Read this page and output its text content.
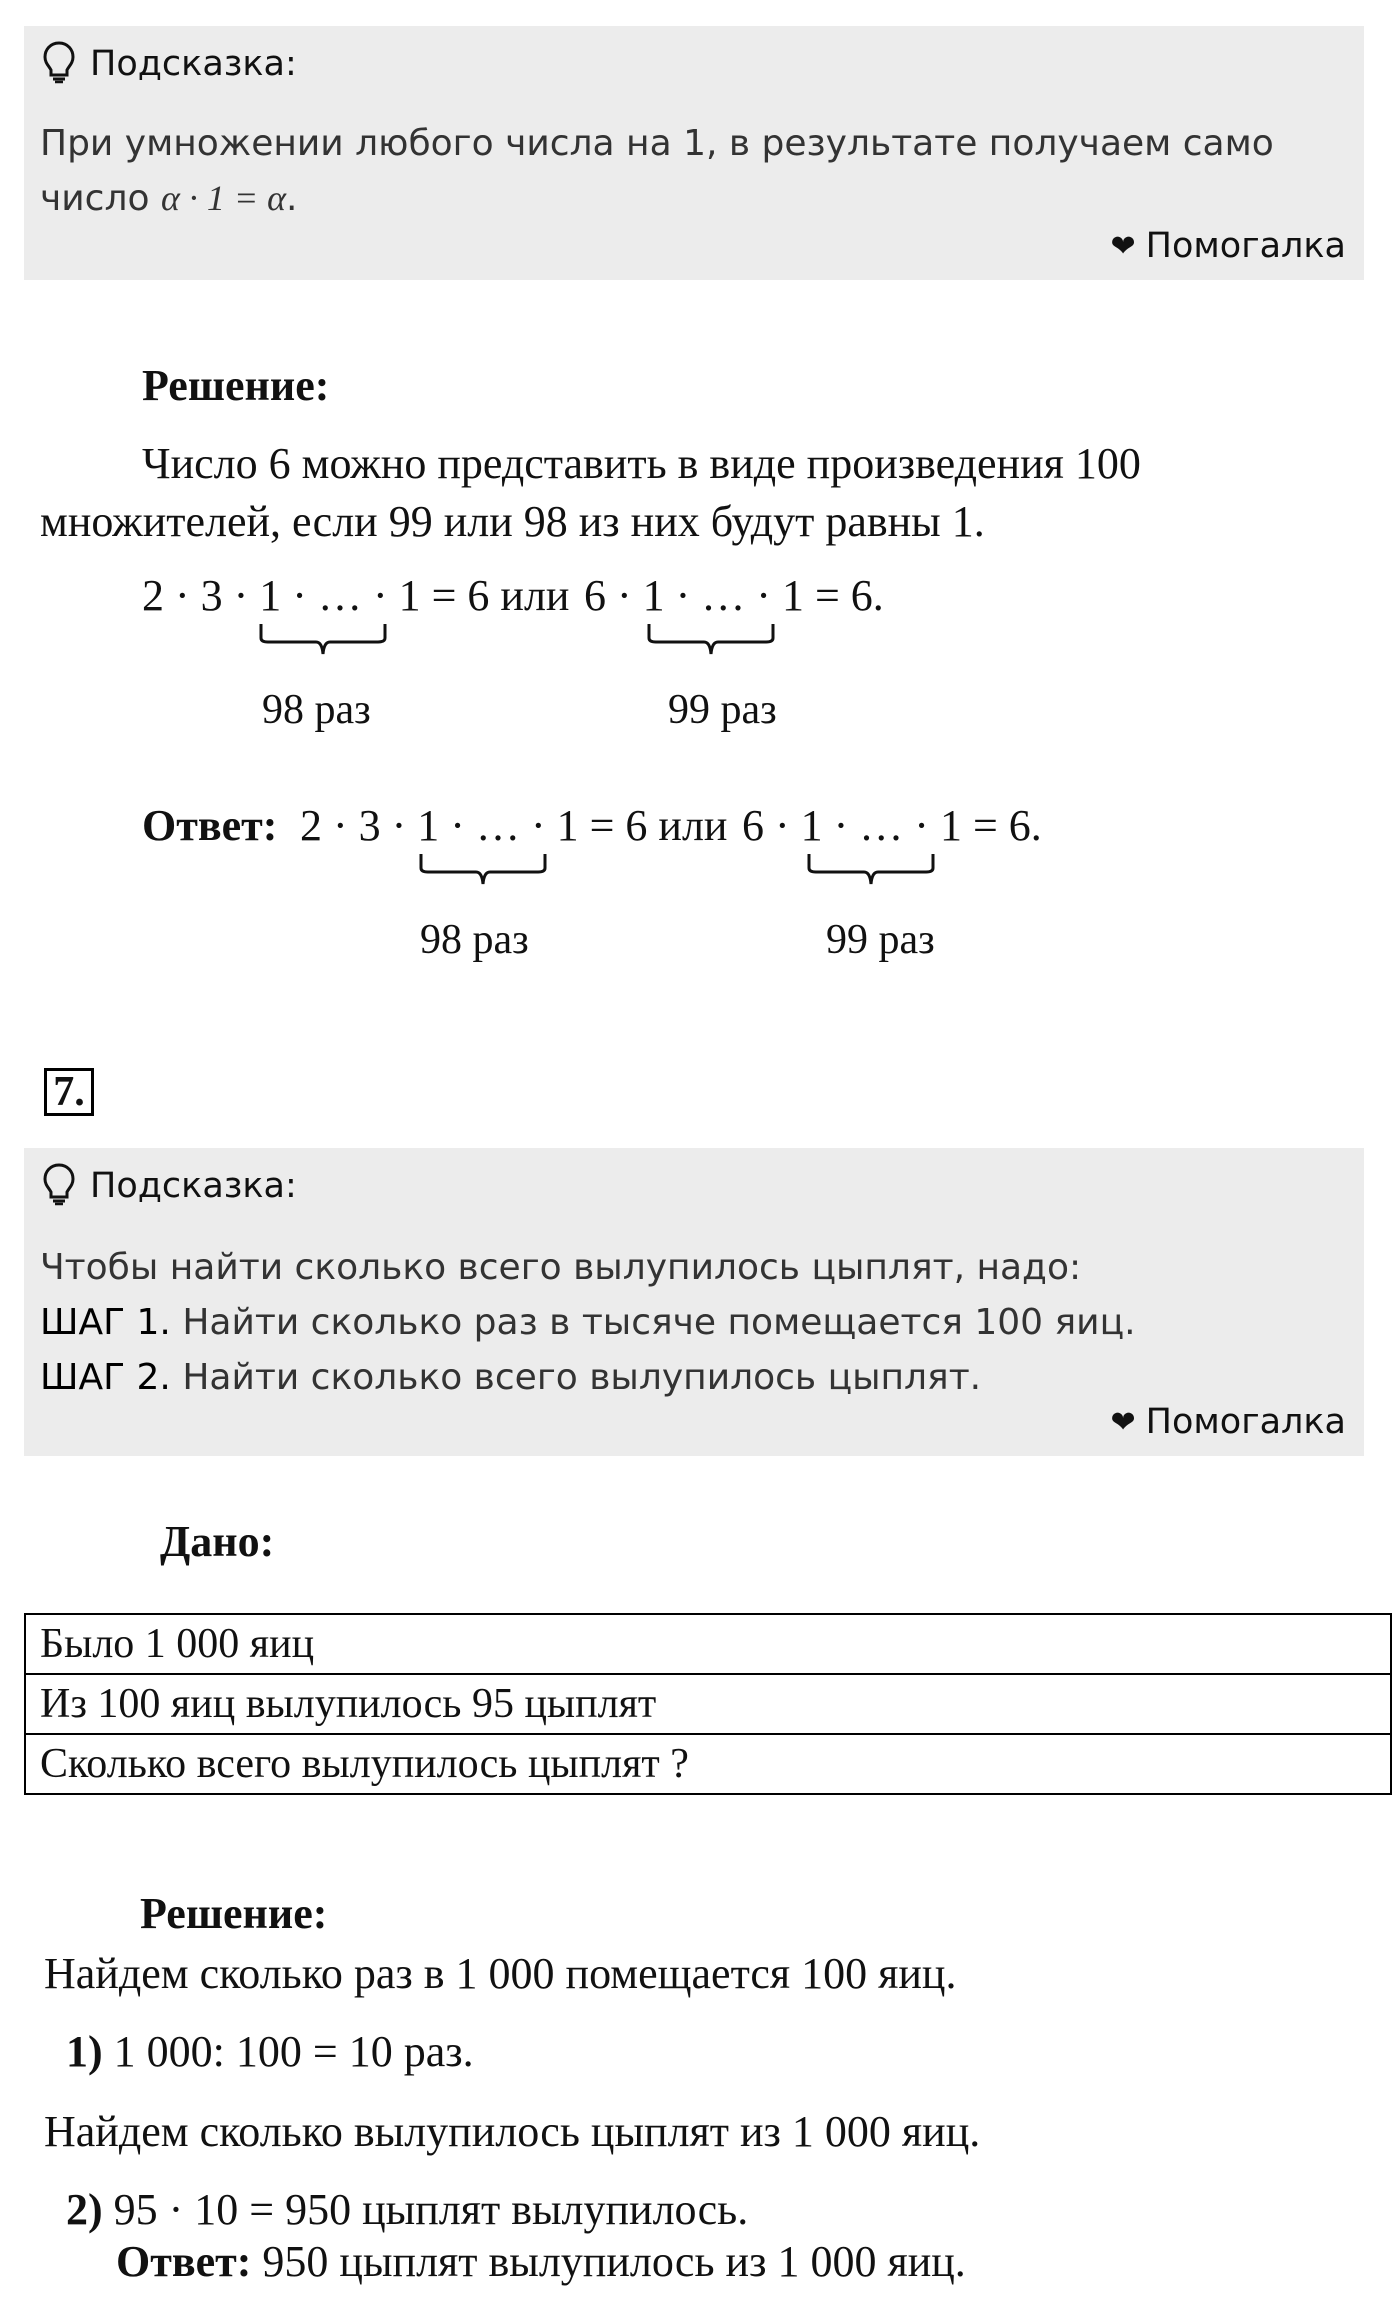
Подсказка:
При умножении любого числа на 1, в результате получаем само
число α · 1 = α.
❤ Помогалка
Решение:
Число 6 можно представить в виде произведения 100
множителей, если 99 или 98 из них будут равны 1.
2 · 3 · 1 · … · 1 = 6 или 6 · 1 · … · 1 = 6.
98 раз	99 раз
Ответ: 2 · 3 · 1 · … · 1 = 6 или 6 · 1 · … · 1 = 6.
98 раз	99 раз
7.
Подсказка:
Чтобы найти сколько всего вылупилось цыплят, надо:
ШАГ 1. Найти сколько раз в тысяче помещается 100 яиц.
ШАГ 2. Найти сколько всего вылупилось цыплят.
❤ Помогалка
Дано:
Было 1 000 яиц
Из 100 яиц вылупилось 95 цыплят
Сколько всего вылупилось цыплят ?
Решение:
Найдем сколько раз в 1 000 помещается 100 яиц.
1) 1 000: 100 = 10 раз.
Найдем сколько вылупилось цыплят из 1 000 яиц.
2) 95 · 10 = 950 цыплят вылупилось.
Ответ: 950 цыплят вылупилось из 1 000 яиц.
